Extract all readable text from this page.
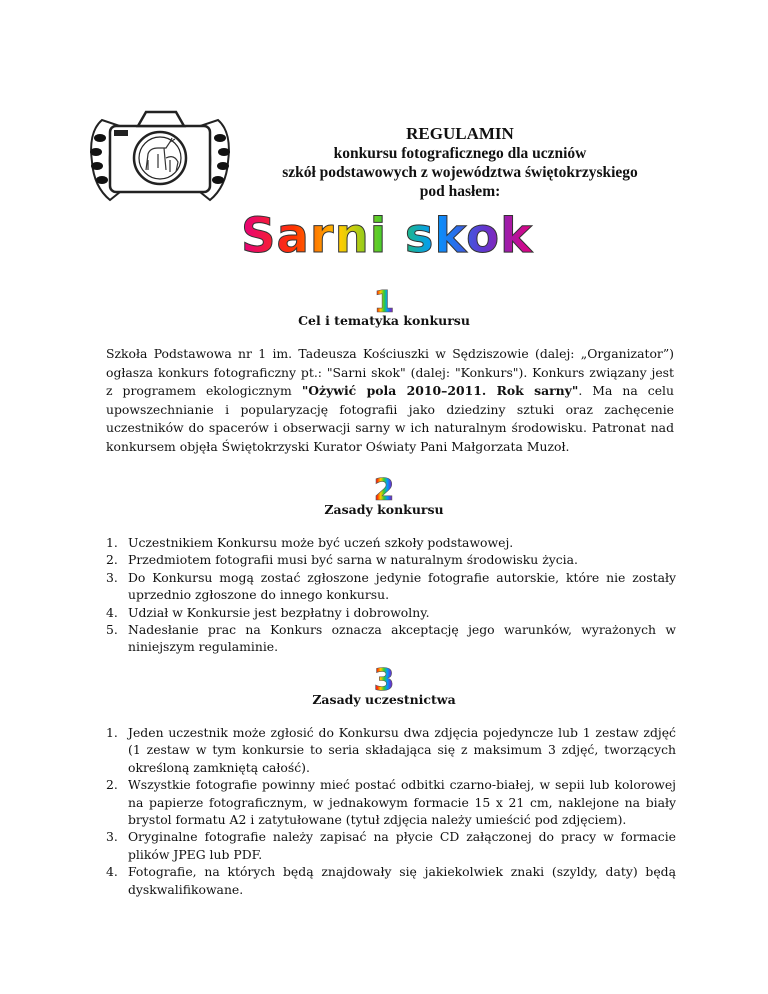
REGULAMIN
konkursu fotograficznego dla uczniów
szkół podstawowych z województwa świętokrzyskiego
pod hasłem:
Sarni skok
1
Cel i tematyka konkursu
Szkoła Podstawowa nr 1 im. Tadeusza Kościuszki w Sędziszowie (dalej: „Organizator”) ogłasza konkurs fotograficzny pt.: "Sarni skok" (dalej: "Konkurs"). Konkurs związany jest z programem ekologicznym "Ożywić pola 2010–2011. Rok sarny". Ma na celu upowszechnianie i popularyzację fotografii jako dziedziny sztuki oraz zachęcenie uczestników do spacerów i obserwacji sarny w ich naturalnym środowisku. Patronat nad konkursem objęła Świętokrzyski Kurator Oświaty Pani Małgorzata Muzoł.
2
Zasady konkursu
1. Uczestnikiem Konkursu może być uczeń szkoły podstawowej.
2. Przedmiotem fotografii musi być sarna w naturalnym środowisku życia.
3. Do Konkursu mogą zostać zgłoszone jedynie fotografie autorskie, które nie zostały uprzednio zgłoszone do innego konkursu.
4. Udział w Konkursie jest bezpłatny i dobrowolny.
5. Nadesłanie prac na Konkurs oznacza akceptację jego warunków, wyrażonych w niniejszym regulaminie.
3
Zasady uczestnictwa
1. Jeden uczestnik może zgłosić do Konkursu dwa zdjęcia pojedyncze lub 1 zestaw zdjęć (1 zestaw w tym konkursie to seria składająca się z maksimum 3 zdjęć, tworzących określoną zamkniętą całość).
2. Wszystkie fotografie powinny mieć postać odbitki czarno-białej, w sepii lub kolorowej na papierze fotograficznym, w jednakowym formacie 15 x 21 cm, naklejone na biały brystol formatu A2 i zatytułowane (tytuł zdjęcia należy umieścić pod zdjęciem).
3. Oryginalne fotografie należy zapisać na płycie CD załączonej do pracy w formacie plików JPEG lub PDF.
4. Fotografie, na których będą znajdowały się jakiekolwiek znaki (szyldy, daty) będą dyskwalifikowane.
